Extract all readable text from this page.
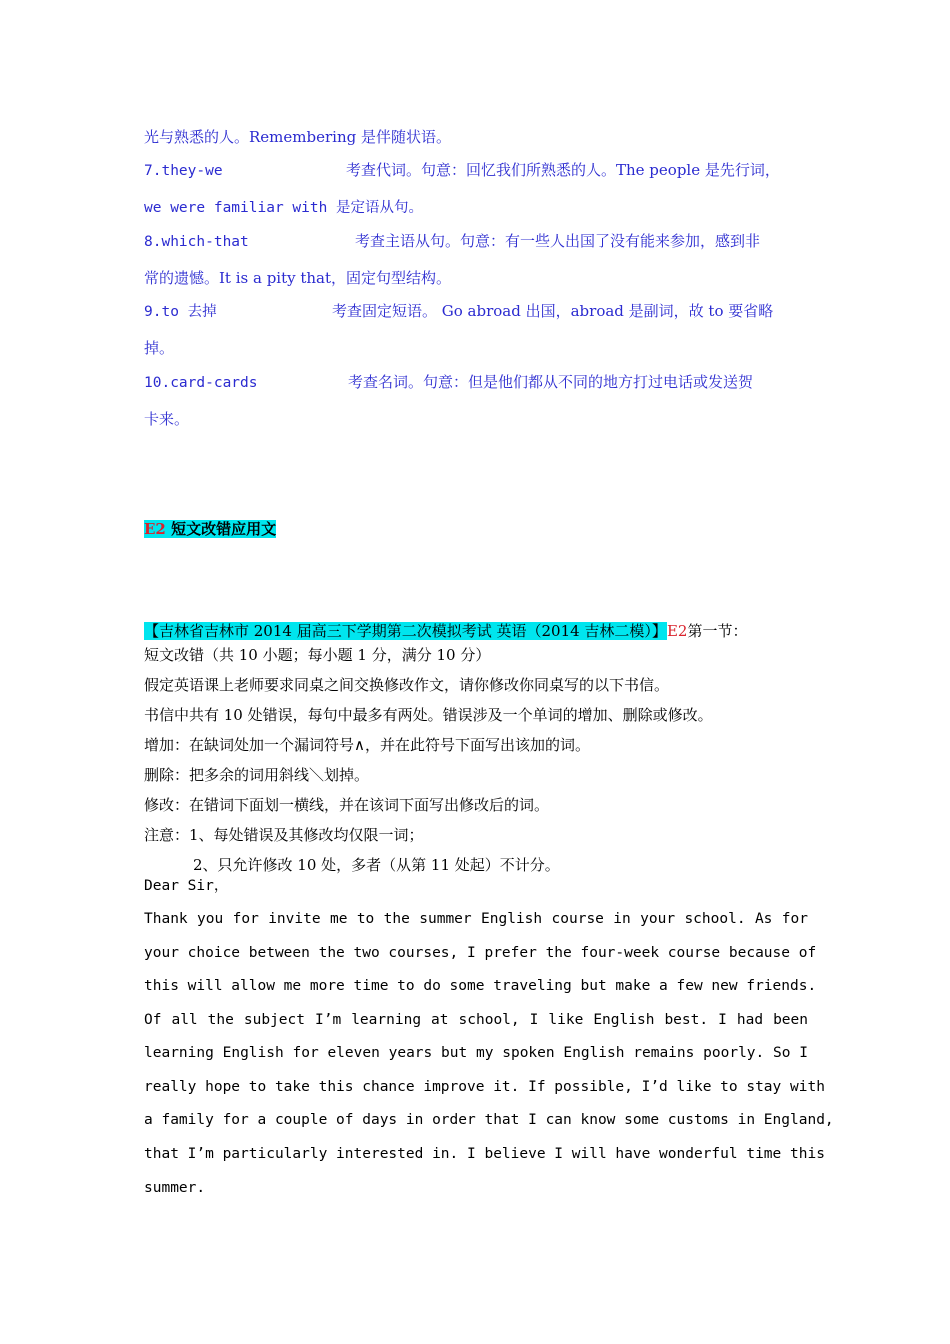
光与熟悉的人。Remembering 是伴随状语。
7.they-we	考查代词。句意：回忆我们所熟悉的人。The people 是先行词，
we were familiar with 是定语从句。
8.which-that	考查主语从句。句意：有一些人出国了没有能来参加，感到非
常的遗憾。It is a pity that，固定句型结构。
9.to 去掉	考查固定短语。 Go abroad 出国，abroad 是副词，故 to 要省略
掉。
10.card-cards	考查名词。句意：但是他们都从不同的地方打过电话或发送贺
卡来。
E2 短文改错应用文
【吉林省吉林市 2014 届高三下学期第二次模拟考试 英语（2014 吉林二模）】E2第一节：
短文改错（共 10 小题；每小题 1 分，满分 10 分）
假定英语课上老师要求同桌之间交换修改作文，请你修改你同桌写的以下书信。
书信中共有 10 处错误，每句中最多有两处。错误涉及一个单词的增加、删除或修改。
增加：在缺词处加一个漏词符号∧，并在此符号下面写出该加的词。
删除：把多余的词用斜线＼划掉。
修改：在错词下面划一横线，并在该词下面写出修改后的词。
注意：1、每处错误及其修改均仅限一词；
2、只允许修改 10 处，多者（从第 11 处起）不计分。
Dear Sir，
Thank you for invite me to the summer English course in your school. As for
your choice between the two courses, I prefer the four-week course because of
this will allow me more time to do some traveling but make a few new friends.
Of all the subject I’m learning at school, I like English best. I had been
learning English for eleven years but my spoken English remains poorly. So I
really hope to take this chance improve it. If possible, I’d like to stay with
a family for a couple of days in order that I can know some customs in England,
that I’m particularly interested in. I believe I will have wonderful time this
summer.
